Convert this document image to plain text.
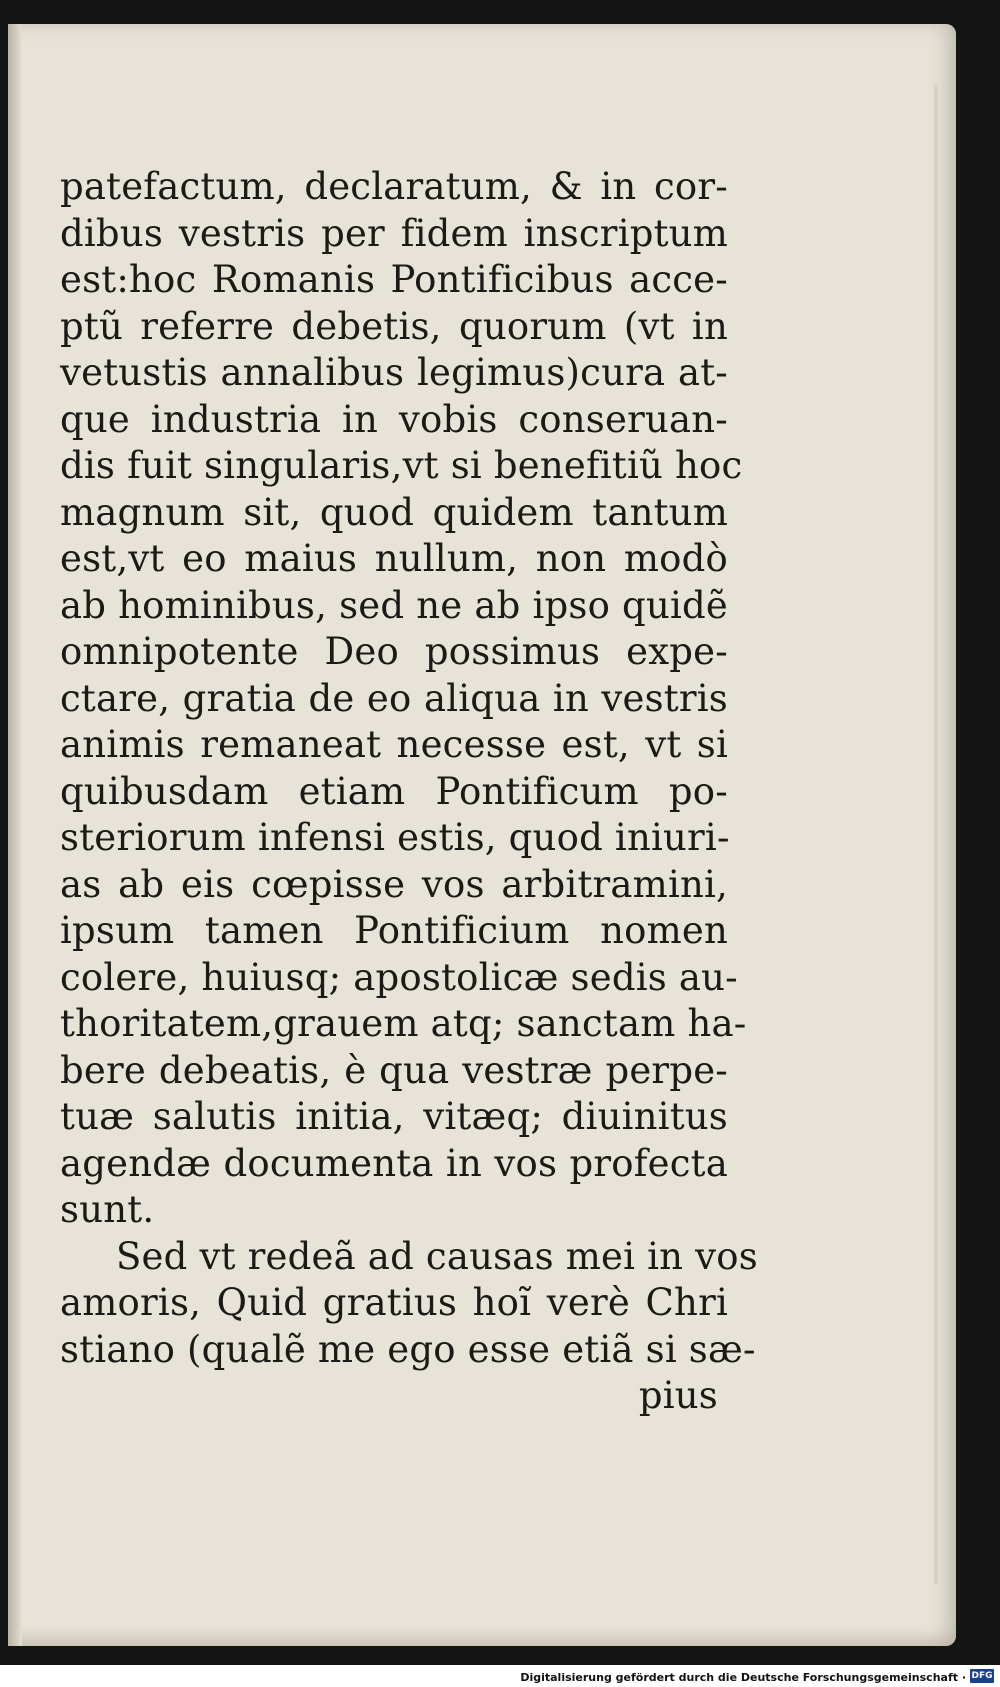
patefactum, declaratum, & in cor-
dibus vestris per fidem inscriptum
est:hoc Romanis Pontificibus acce-
ptũ referre debetis, quorum (vt in
vetustis annalibus legimus)cura at-
que industria in vobis conseruan-
dis fuit singularis,vt si benefitiũ hoc
magnum sit, quod quidem tantum
est,vt eo maius nullum, non modò
ab hominibus, sed ne ab ipso quidẽ
omnipotente Deo possimus expe-
ctare, gratia de eo aliqua in vestris
animis remaneat necesse est, vt si
quibusdam etiam Pontificum po-
steriorum infensi estis, quod iniuri-
as ab eis cœpisse vos arbitramini,
ipsum tamen Pontificium nomen
colere, huiusq; apostolicæ sedis au-
thoritatem,grauem atq; sanctam ha-
bere debeatis, è qua vestræ perpe-
tuæ salutis initia, vitæq; diuinitus
agendæ documenta in vos profecta
sunt.
Sed vt redeã ad causas mei in vos
amoris, Quid gratius hoĩ verè Chri
stiano (qualẽ me ego esse etiã si sæ-
pius
Digitalisierung gefördert durch die Deutsche Forschungsgemeinschaft · DFG
